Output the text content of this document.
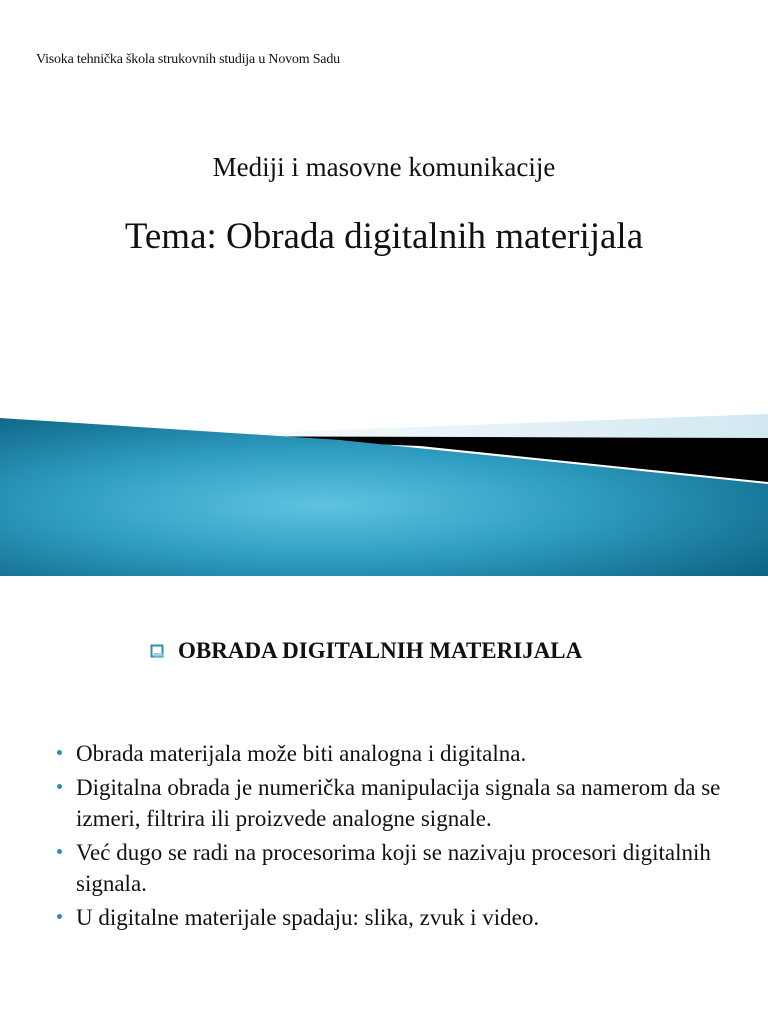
Visoka tehnička škola strukovnih studija u Novom Sadu
Mediji i masovne komunikacije
Tema: Obrada digitalnih materijala
OBRADA DIGITALNIH MATERIJALA
Obrada materijala može biti analogna i digitalna.
Digitalna obrada je numerička manipulacija signala sa namerom da se izmeri, filtrira ili proizvede analogne signale.
Već dugo se radi na procesorima koji se nazivaju procesori digitalnih signala.
U digitalne materijale spadaju: slika, zvuk i video.
